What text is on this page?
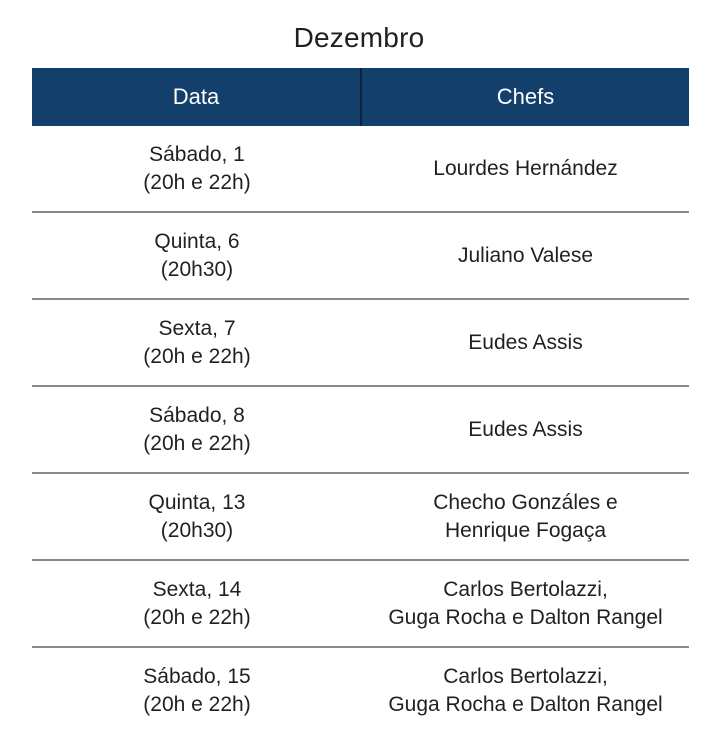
Dezembro
Data	Chefs
Sábado, 1
(20h e 22h)
Lourdes Hernández
Quinta, 6
(20h30)
Juliano Valese
Sexta, 7
(20h e 22h)
Eudes Assis
Sábado, 8
(20h e 22h)
Eudes Assis
Quinta, 13
(20h30)
Checho Gonzáles e
Henrique Fogaça
Sexta, 14
(20h e 22h)
Carlos Bertolazzi,
Guga Rocha e Dalton Rangel
Sábado, 15
(20h e 22h)
Carlos Bertolazzi,
Guga Rocha e Dalton Rangel
